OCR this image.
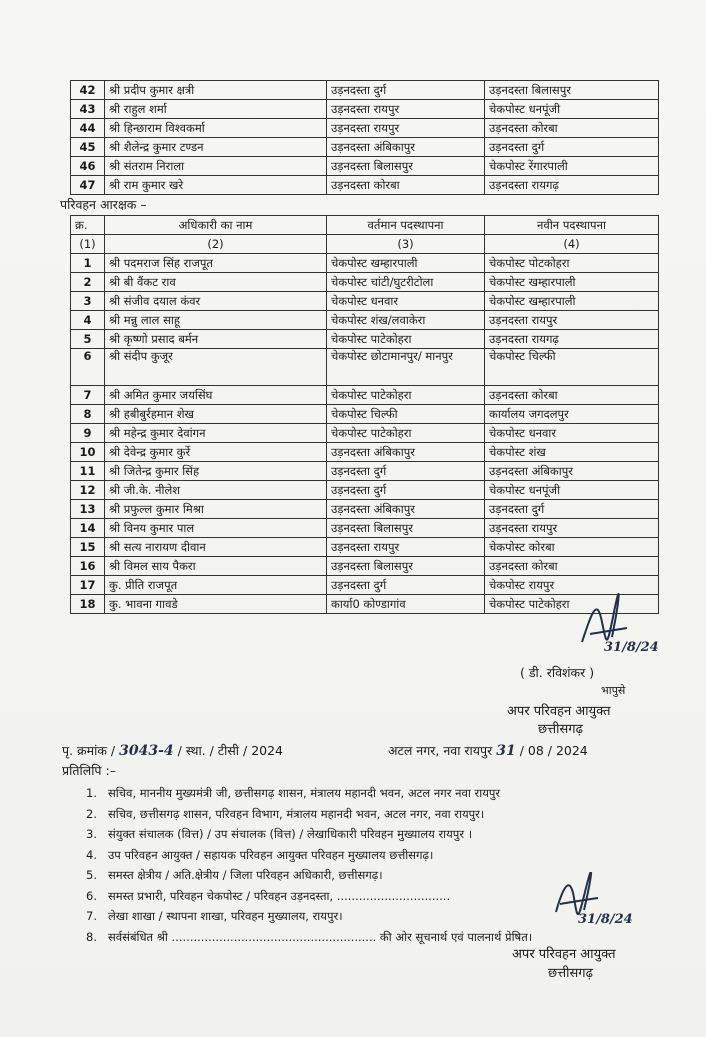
42	श्री प्रदीप कुमार क्षत्री	उड़नदस्ता दुर्ग	उड़नदस्ता बिलासपुर
43	श्री राहुल शर्मा	उड़नदस्ता रायपुर	चेकपोस्ट धनपूंजी
44	श्री हिन्छाराम विश्वकर्मा	उड़नदस्ता रायपुर	उड़नदस्ता कोरबा
45	श्री शैलेन्द्र कुमार टण्डन	उड़नदस्ता अंबिकापुर	उड़नदस्ता दुर्ग
46	श्री संतराम निराला	उड़नदस्ता बिलासपुर	चेकपोस्ट रेंगारपाली
47	श्री राम कुमार खरे	उड़नदस्ता कोरबा	उड़नदस्ता रायगढ़
परिवहन आरक्षक –
क्र.	अधिकारी का नाम	वर्तमान पदस्थापना	नवीन पदस्थापना
(1)	(2)	(3)	(4)
1	श्री पदमराज सिंह राजपूत	चेकपोस्ट खम्हारपाली	चेकपोस्ट पोटकोहरा
2	श्री बी वैंकट राव	चेकपोस्ट चांटी/घुटरीटोला	चेकपोस्ट खम्हारपाली
3	श्री संजीव दयाल कंवर	चेकपोस्ट धनवार	चेकपोस्ट खम्हारपाली
4	श्री मन्नु लाल साहू	चेकपोस्ट शंख/लवाकेरा	उड़नदस्ता रायपुर
5	श्री कृष्णो प्रसाद बर्मन	चेकपोस्ट पाटेकोहरा	उड़नदस्ता रायगढ़
6	श्री संदीप कुजूर	चेकपोस्ट छोटामानपुर/ मानपुर	चेकपोस्ट चिल्फी
7	श्री अमित कुमार जयसिंघ	चेकपोस्ट पाटेकोहरा	उड़नदस्ता कोरबा
8	श्री हबीबुर्रहमान शेख	चेकपोस्ट चिल्फी	कार्यालय जगदलपुर
9	श्री महेन्द्र कुमार देवांगन	चेकपोस्ट पाटेकोहरा	चेकपोस्ट धनवार
10	श्री देवेन्द्र कुमार कुर्रे	उड़नदस्ता अंबिकापुर	चेकपोस्ट शंख
11	श्री जितेन्द्र कुमार सिंह	उड़नदस्ता दुर्ग	उड़नदस्ता अंबिकापुर
12	श्री जी.के. नीलेश	उड़नदस्ता दुर्ग	चेकपोस्ट धनपूंजी
13	श्री प्रफुल्ल कुमार मिश्रा	उड़नदस्ता अंबिकापुर	उड़नदस्ता दुर्ग
14	श्री विनय कुमार पाल	उड़नदस्ता बिलासपुर	उड़नदस्ता रायपुर
15	श्री सत्य नारायण दीवान	उड़नदस्ता रायपुर	चेकपोस्ट कोरबा
16	श्री विमल साय पैकरा	उड़नदस्ता बिलासपुर	उड़नदस्ता कोरबा
17	कु. प्रीति राजपूत	उड़नदस्ता दुर्ग	चेकपोस्ट रायपुर
18	कु. भावना गावडे	कार्या0 कोण्डागांव	चेकपोस्ट पाटेकोहरा
31/8/24
( डी. रविशंकर )
भापुसे
अपर परिवहन आयुक्त
छत्तीसगढ़
पृ. क्रमांक / 3043-4 / स्था. / टीसी / 2024	अटल नगर, नवा रायपुर 31 / 08 / 2024
प्रतिलिपि :–
1. सचिव, माननीय मुख्यमंत्री जी, छत्तीसगढ़ शासन, मंत्रालय महानदी भवन, अटल नगर नवा रायपुर
2. सचिव, छत्तीसगढ़ शासन, परिवहन विभाग, मंत्रालय महानदी भवन, अटल नगर, नवा रायपुर।
3. संयुक्त संचालक (वित्त) / उप संचालक (वित्त) / लेखाधिकारी परिवहन मुख्यालय रायपुर ।
4. उप परिवहन आयुक्त / सहायक परिवहन आयुक्त परिवहन मुख्यालय छत्तीसगढ़।
5. समस्त क्षेत्रीय / अति.क्षेत्रीय / जिला परिवहन अधिकारी, छत्तीसगढ़।
6. समस्त प्रभारी, परिवहन चेकपोस्ट / परिवहन उड़नदस्ता, ...............................
7. लेखा शाखा / स्थापना शाखा, परिवहन मुख्यालय, रायपुर।
8. सर्वसंबंधित श्री ........................................................ की ओर सूचनार्थ एवं पालनार्थ प्रेषित।
31/8/24
अपर परिवहन आयुक्त
छत्तीसगढ़
